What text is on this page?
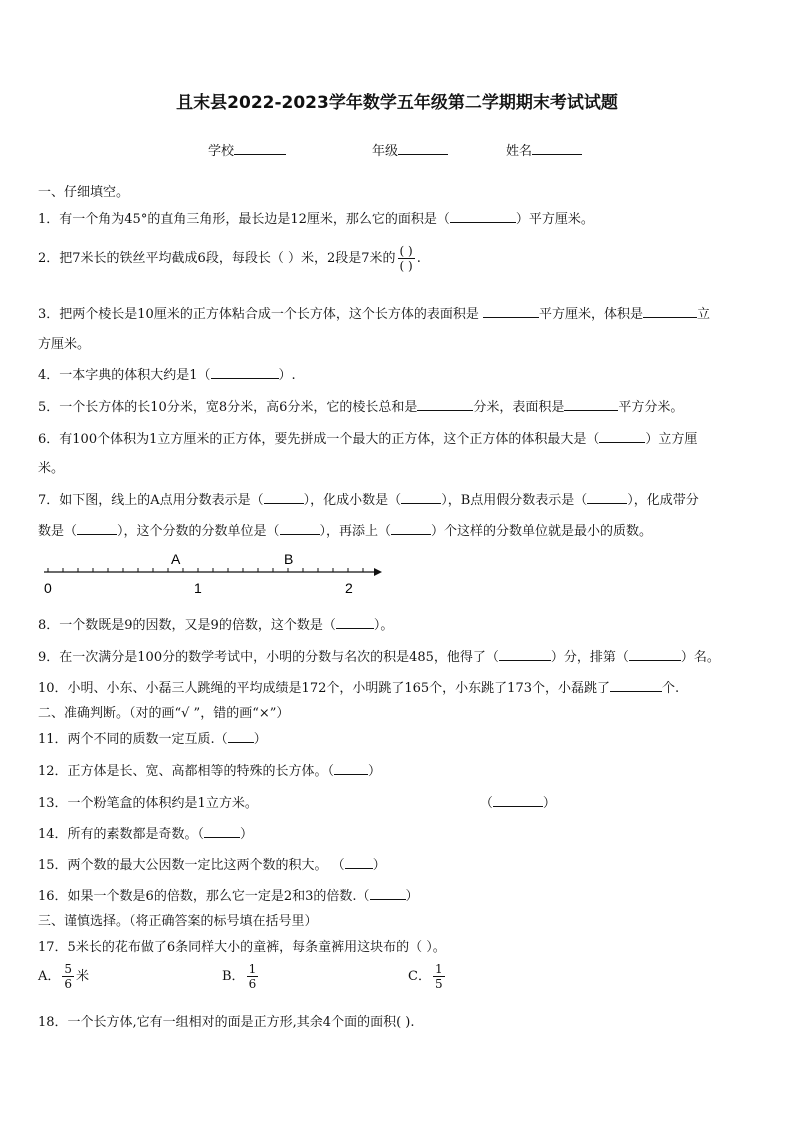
且末县2022-2023学年数学五年级第二学期期末考试试题
学校	年级	姓名
一、仔细填空。
1．有一个角为45°的直角三角形，最长边是12厘米，那么它的面积是（	）平方厘米。
2．把7米长的铁丝平均截成6段，每段长（ ）米，2段是7米的 $\frac{( )}{( )}$ .
3．把两个棱长是10厘米的正方体粘合成一个长方体，这个长方体的表面积是	平方厘米，体积是	立
方厘米。
4．一本字典的体积大约是1（	）.
5．一个长方体的长10分米，宽8分米，高6分米，它的棱长总和是	分米，表面积是	平方分米。
6．有100个体积为1立方厘米的正方体，要先拼成一个最大的正方体，这个正方体的体积最大是（	）立方厘
米。
7．如下图，线上的A点用分数表示是（	），化成小数是（	），B点用假分数表示是（	），化成带分
数是（	），这个分数的分数单位是（	），再添上（	）个这样的分数单位就是最小的质数。
A	B
0	1	2
8．一个数既是9的因数，又是9的倍数，这个数是（	）。
9．在一次满分是100分的数学考试中，小明的分数与名次的积是485，他得了（	）分，排第（	）名。
10．小明、小东、小磊三人跳绳的平均成绩是172个，小明跳了165个，小东跳了173个，小磊跳了	个.
二、准确判断。（对的画“√ ”，错的画“×”）
11．两个不同的质数一定互质.（ ）
12．正方体是长、宽、高都相等的特殊的长方体。（	）
13．一个粉笔盒的体积约是1立方米。	（	）
14．所有的素数都是奇数。（	）
15．两个数的最大公因数一定比这两个数的积大。 （ ）
16．如果一个数是6的倍数，那么它一定是2和3的倍数.（	）
三、谨慎选择。（将正确答案的标号填在括号里）
17．5米长的花布做了6条同样大小的童裤，每条童裤用这块布的（ ）。
A． $\frac{5}{6}$ 米	B． $\frac{1}{6}$	C． $\frac{1}{5}$
18．一个长方体,它有一组相对的面是正方形,其余4个面的面积( ).
